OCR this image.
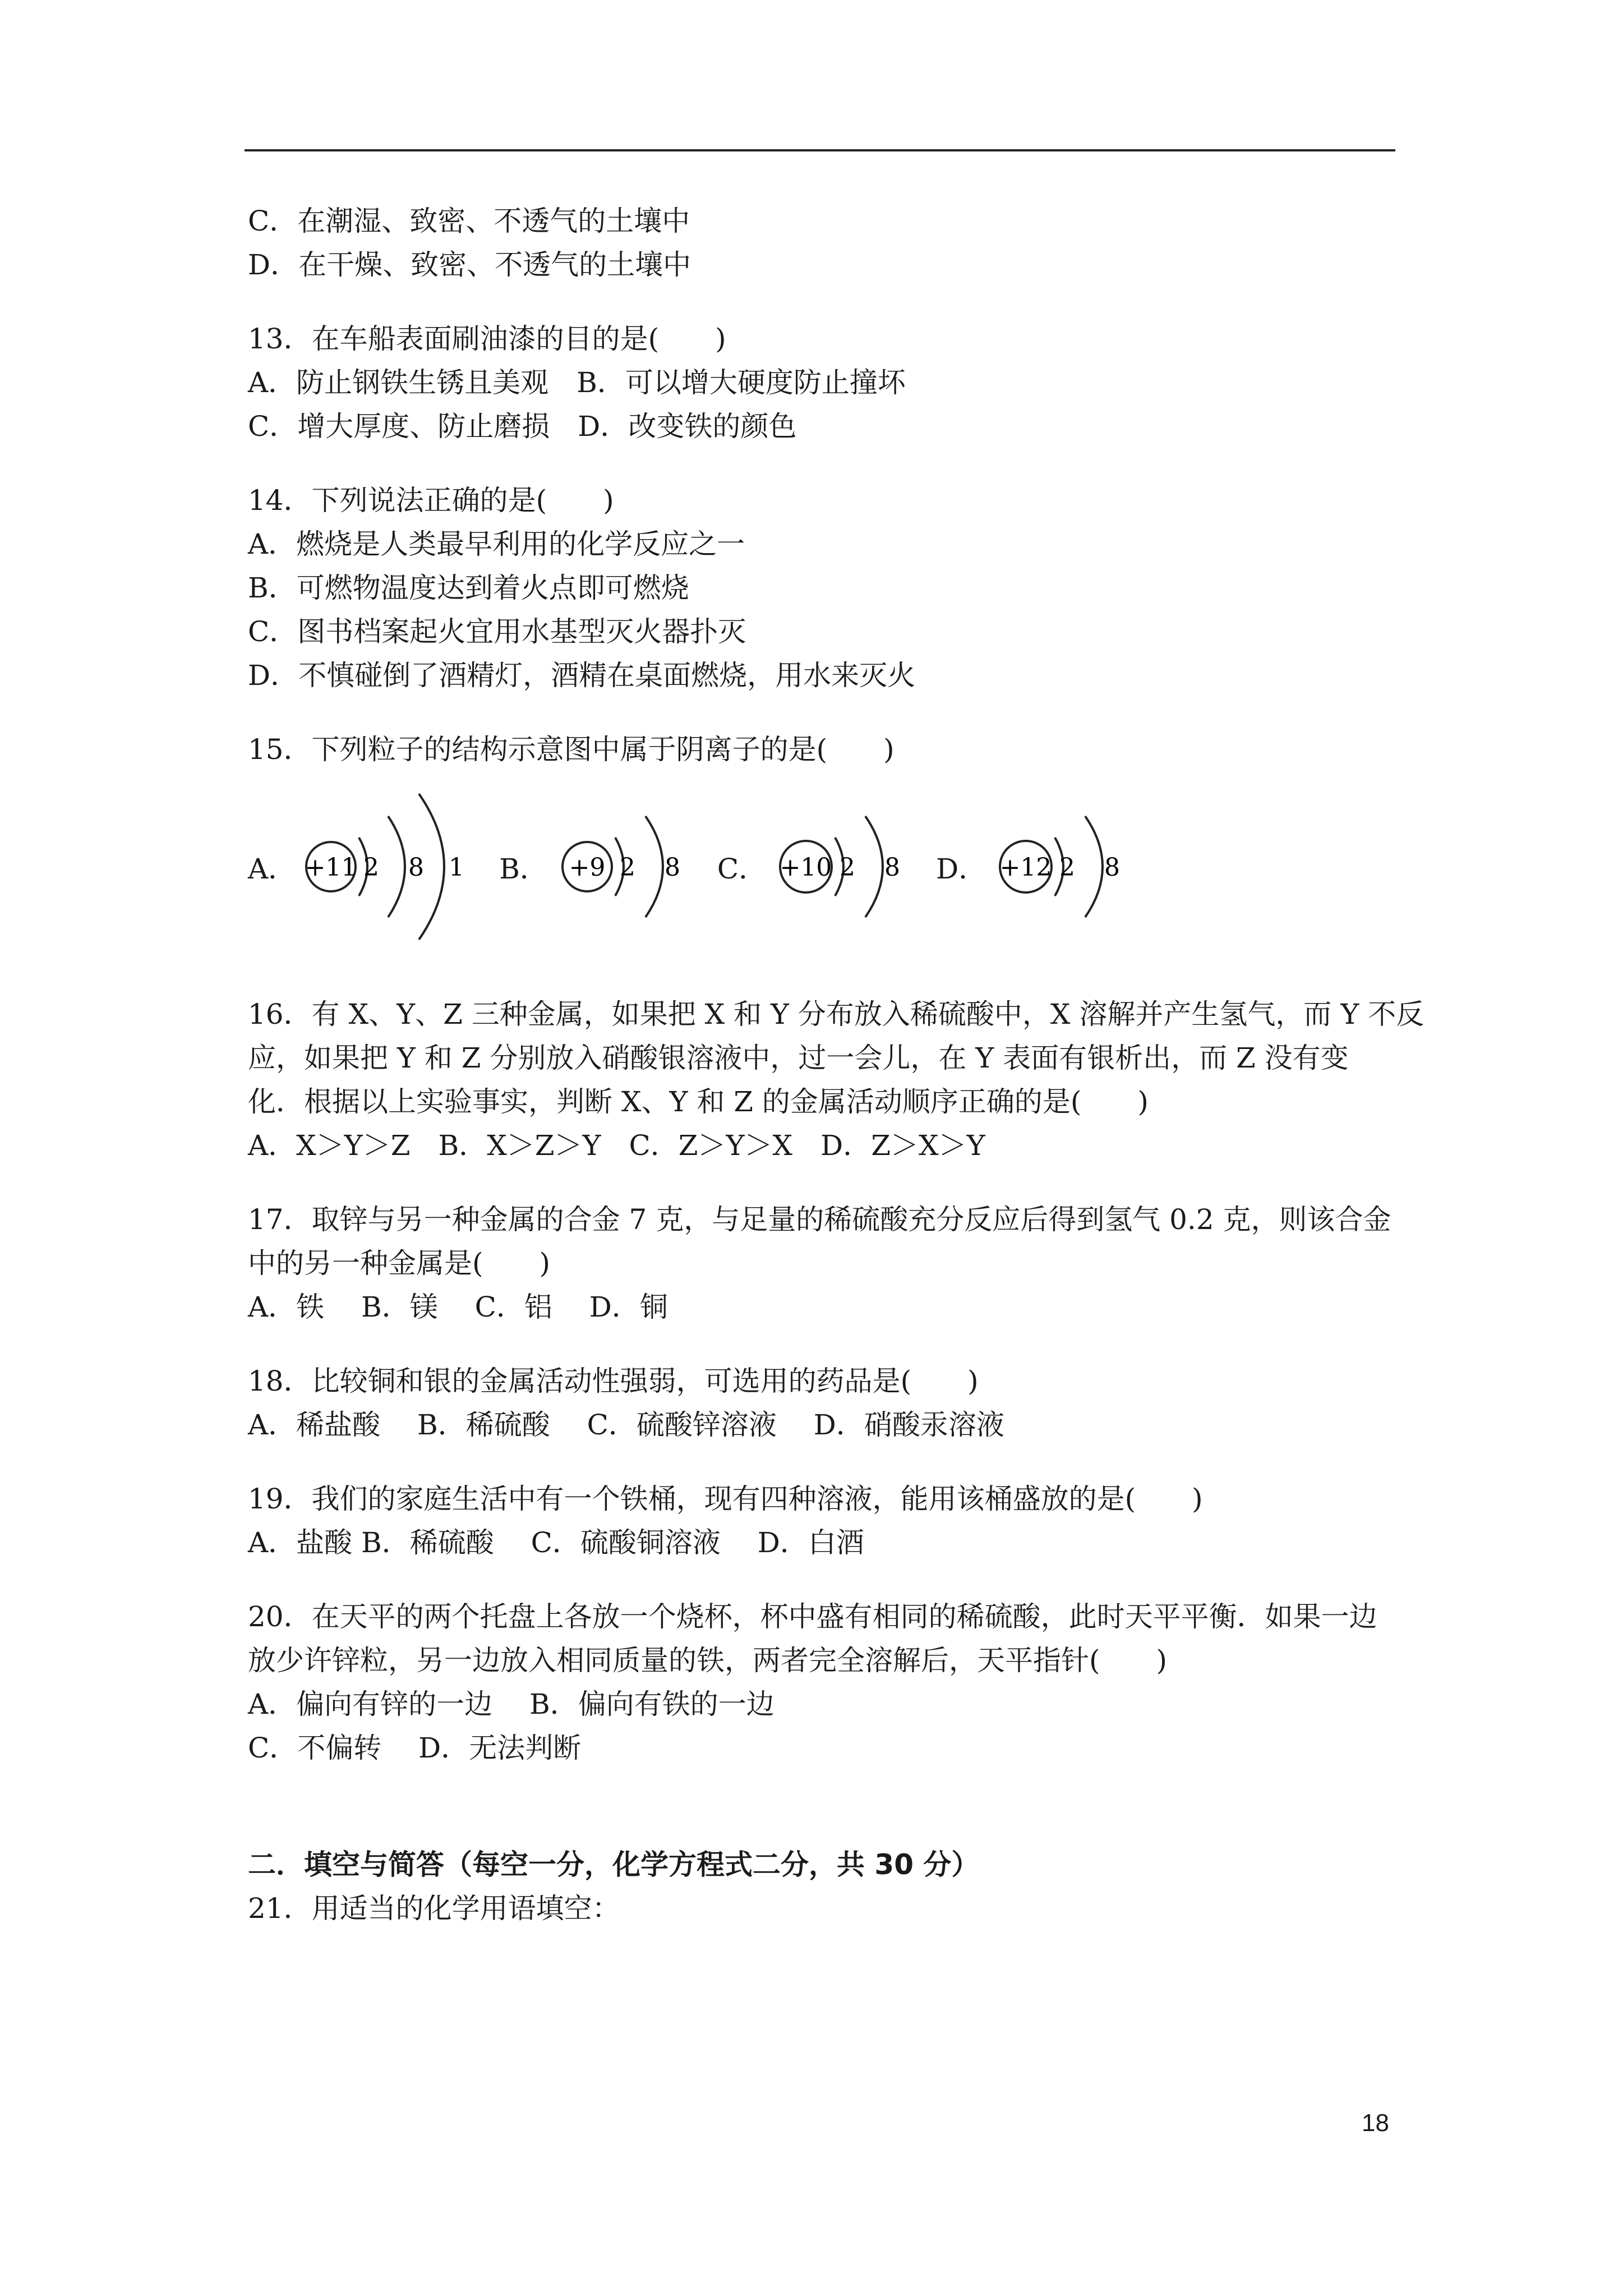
C．在潮湿、致密、不透气的土壤中

D．在干燥、致密、不透气的土壤中

13．在车船表面刷油漆的目的是(　　)

A．防止钢铁生锈且美观　B．可以增大硬度防止撞坏

C．增大厚度、防止磨损　D．改变铁的颜色

14．下列说法正确的是(　　)

A．燃烧是人类最早利用的化学反应之一

B．可燃物温度达到着火点即可燃烧

C．图书档案起火宜用水基型灭火器扑灭

D．不慎碰倒了酒精灯，酒精在桌面燃烧，用水来灭火

15．下列粒子的结构示意图中属于阴离子的是(　　)

A． +11 2 8 1 B． +9 2 8 C． +10 2 8 D． +12 2 8

16．有 X、Y、Z 三种金属，如果把 X 和 Y 分布放入稀硫酸中，X 溶解并产生氢气，而 Y 不反

应，如果把 Y 和 Z 分别放入硝酸银溶液中，过一会儿，在 Y 表面有银析出，而 Z 没有变

化．根据以上实验事实，判断 X、Y 和 Z 的金属活动顺序正确的是(　　)

A．X＞Y＞Z　B．X＞Z＞Y　C．Z＞Y＞X　D．Z＞X＞Y

17．取锌与另一种金属的合金 7 克，与足量的稀硫酸充分反应后得到氢气 0.2 克，则该合金

中的另一种金属是(　　)

A．铁　 B．镁　 C．铝　 D．铜

18．比较铜和银的金属活动性强弱，可选用的药品是(　　)

A．稀盐酸　 B．稀硫酸　 C．硫酸锌溶液　 D．硝酸汞溶液

19．我们的家庭生活中有一个铁桶，现有四种溶液，能用该桶盛放的是(　　)

A．盐酸 B．稀硫酸　 C．硫酸铜溶液　 D．白酒

20．在天平的两个托盘上各放一个烧杯，杯中盛有相同的稀硫酸，此时天平平衡．如果一边

放少许锌粒，另一边放入相同质量的铁，两者完全溶解后，天平指针(　　)

A．偏向有锌的一边　 B．偏向有铁的一边

C．不偏转　 D．无法判断

二．填空与简答（每空一分，化学方程式二分，共 30 分）

21．用适当的化学用语填空：

18
